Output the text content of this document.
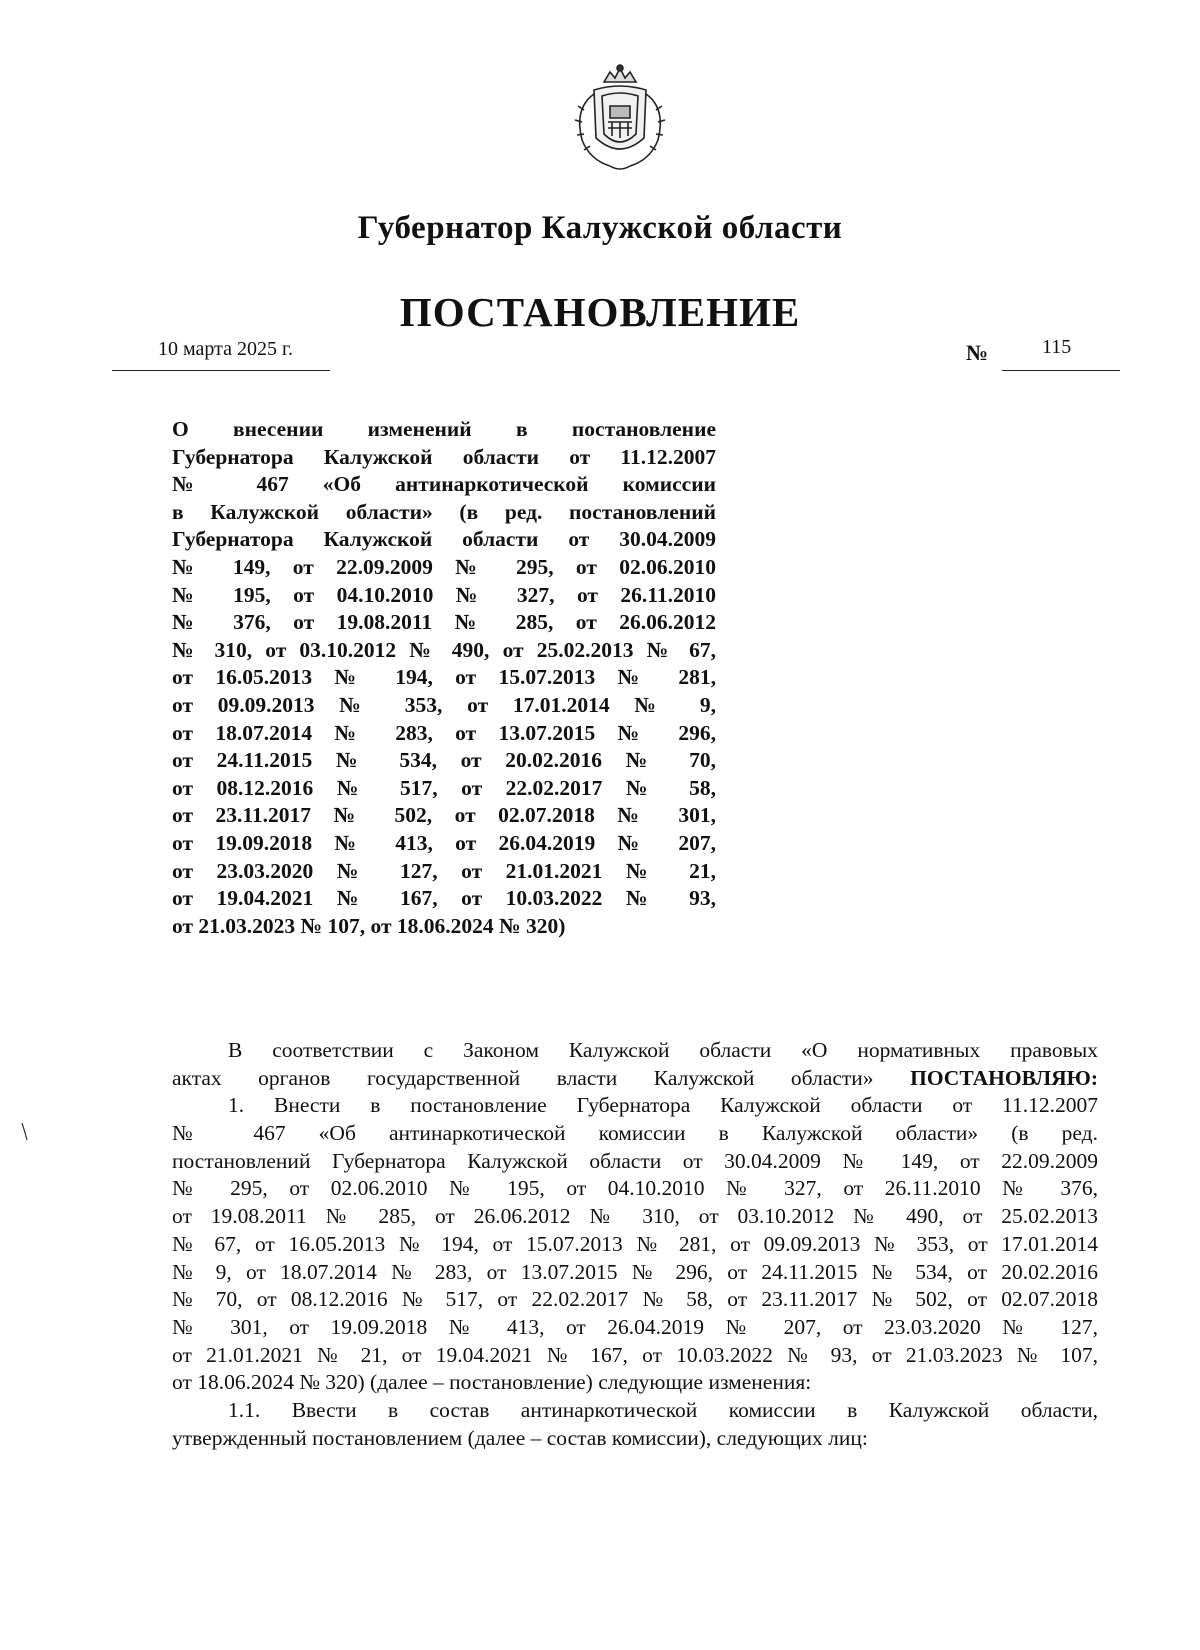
Губернатор Калужской области
ПОСТАНОВЛЕНИЕ
10 марта 2025 г.	№	115
О внесении изменений в постановление
Губернатора Калужской области от 11.12.2007
№ 467 «Об антинаркотической комиссии
в Калужской области» (в ред. постановлений
Губернатора Калужской области от 30.04.2009
№ 149, от 22.09.2009 № 295, от 02.06.2010
№ 195, от 04.10.2010 № 327, от 26.11.2010
№ 376, от 19.08.2011 № 285, от 26.06.2012
№ 310, от 03.10.2012 № 490, от 25.02.2013 № 67,
от 16.05.2013 № 194, от 15.07.2013 № 281,
от 09.09.2013 № 353, от 17.01.2014 № 9,
от 18.07.2014 № 283, от 13.07.2015 № 296,
от 24.11.2015 № 534, от 20.02.2016 № 70,
от 08.12.2016 № 517, от 22.02.2017 № 58,
от 23.11.2017 № 502, от 02.07.2018 № 301,
от 19.09.2018 № 413, от 26.04.2019 № 207,
от 23.03.2020 № 127, от 21.01.2021 № 21,
от 19.04.2021 № 167, от 10.03.2022 № 93,
от 21.03.2023 № 107, от 18.06.2024 № 320)
В соответствии с Законом Калужской области «О нормативных правовых
актах органов государственной власти Калужской области» ПОСТАНОВЛЯЮ:
1. Внести в постановление Губернатора Калужской области от 11.12.2007
№ 467 «Об антинаркотической комиссии в Калужской области» (в ред.
постановлений Губернатора Калужской области от 30.04.2009 № 149, от 22.09.2009
№ 295, от 02.06.2010 № 195, от 04.10.2010 № 327, от 26.11.2010 № 376,
от 19.08.2011 № 285, от 26.06.2012 № 310, от 03.10.2012 № 490, от 25.02.2013
№ 67, от 16.05.2013 № 194, от 15.07.2013 № 281, от 09.09.2013 № 353, от 17.01.2014
№ 9, от 18.07.2014 № 283, от 13.07.2015 № 296, от 24.11.2015 № 534, от 20.02.2016
№ 70, от 08.12.2016 № 517, от 22.02.2017 № 58, от 23.11.2017 № 502, от 02.07.2018
№ 301, от 19.09.2018 № 413, от 26.04.2019 № 207, от 23.03.2020 № 127,
от 21.01.2021 № 21, от 19.04.2021 № 167, от 10.03.2022 № 93, от 21.03.2023 № 107,
от 18.06.2024 № 320) (далее – постановление) следующие изменения:
1.1. Ввести в состав антинаркотической комиссии в Калужской области,
утвержденный постановлением (далее – состав комиссии), следующих лиц:
